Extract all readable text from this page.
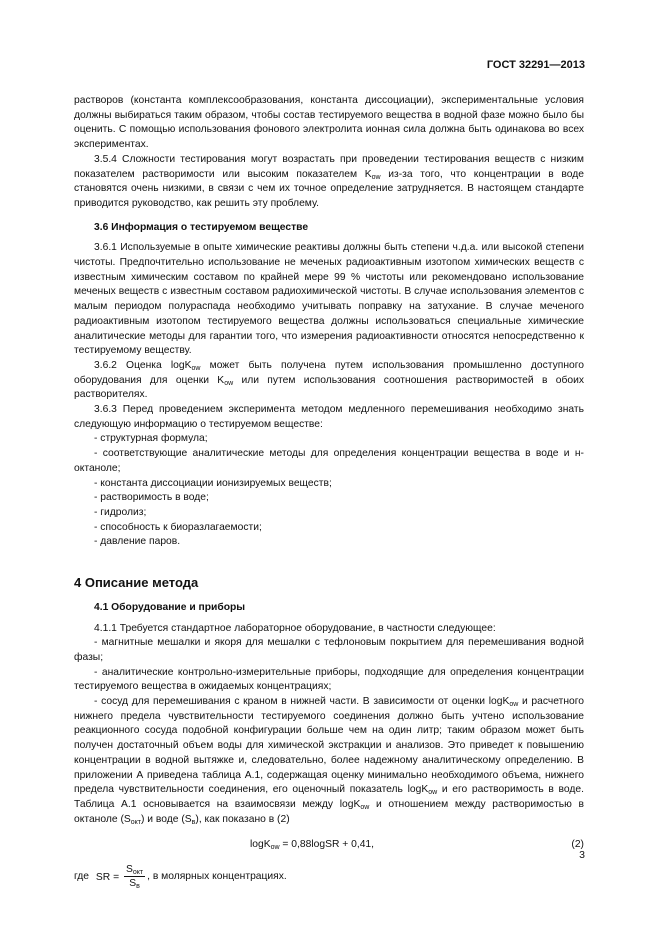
ГОСТ 32291—2013

растворов (константа комплексообразования, константа диссоциации), экспериментальные условия должны выбираться таким образом, чтобы состав тестируемого вещества в водной фазе можно было бы оценить. С помощью использования фонового электролита ионная сила должна быть одинакова во всех экспериментах.

3.5.4 Сложности тестирования могут возрастать при проведении тестирования веществ с низким показателем растворимости или высоким показателем $K_{ow}$ из-за того, что концентрации в воде становятся очень низкими, в связи с чем их точное определение затрудняется. В настоящем стандарте приводится руководство, как решить эту проблему.

3.6 Информация о тестируемом веществе

3.6.1 Используемые в опыте химические реактивы должны быть степени ч.д.а. или высокой степени чистоты. Предпочтительно использование не меченых радиоактивным изотопом химических веществ с известным химическим составом по крайней мере 99 % чистоты или рекомендовано использование меченых веществ с известным составом радиохимической чистоты. В случае использования элементов с малым периодом полураспада необходимо учитывать поправку на затухание. В случае меченого радиоактивным изотопом тестируемого вещества должны использоваться специальные химические аналитические методы для гарантии того, что измерения радиоактивности относятся непосредственно к тестируемому веществу.

3.6.2 Оценка logK$_{ow}$ может быть получена путем использования промышленно доступного оборудования для оценки $K_{ow}$ или путем использования соотношения растворимостей в обоих растворителях.

3.6.3 Перед проведением эксперимента методом медленного перемешивания необходимо знать следующую информацию о тестируемом веществе:

- структурная формула;

- соответствующие аналитические методы для определения концентрации вещества в воде и н-октаноле;

- константа диссоциации ионизируемых веществ;

- растворимость в воде;

- гидролиз;

- способность к биоразлагаемости;

- давление паров.

4 Описание метода

4.1 Оборудование и приборы

4.1.1 Требуется стандартное лабораторное оборудование, в частности следующее:

- магнитные мешалки и якоря для мешалки с тефлоновым покрытием для перемешивания водной фазы;

- аналитические контрольно-измерительные приборы, подходящие для определения концентрации тестируемого вещества в ожидаемых концентрациях;

- сосуд для перемешивания с краном в нижней части. В зависимости от оценки logK$_{ow}$ и расчетного нижнего предела чувствительности тестируемого соединения должно быть учтено использование реакционного сосуда подобной конфигурации больше чем на один литр; таким образом может быть получен достаточный объем воды для химической экстракции и анализов. Это приведет к повышению концентрации в водной вытяжке и, следовательно, более надежному аналитическому определению. В приложении А приведена таблица А.1, содержащая оценку минимально необходимого объема, нижнего предела чувствительности соединения, его оценочный показатель logK$_{ow}$ и его растворимость в воде. Таблица А.1 основывается на взаимосвязи между logK$_{ow}$ и отношением между растворимостью в октаноле $(S_{окт})$ и воде $(S_в)$, как показано в (2)

logK$_{ow}$ = 0,88logSR + 0,41,	(2)
где SR = $\frac{S_{окт}}{S_в}$ , в молярных концентрациях.
3
